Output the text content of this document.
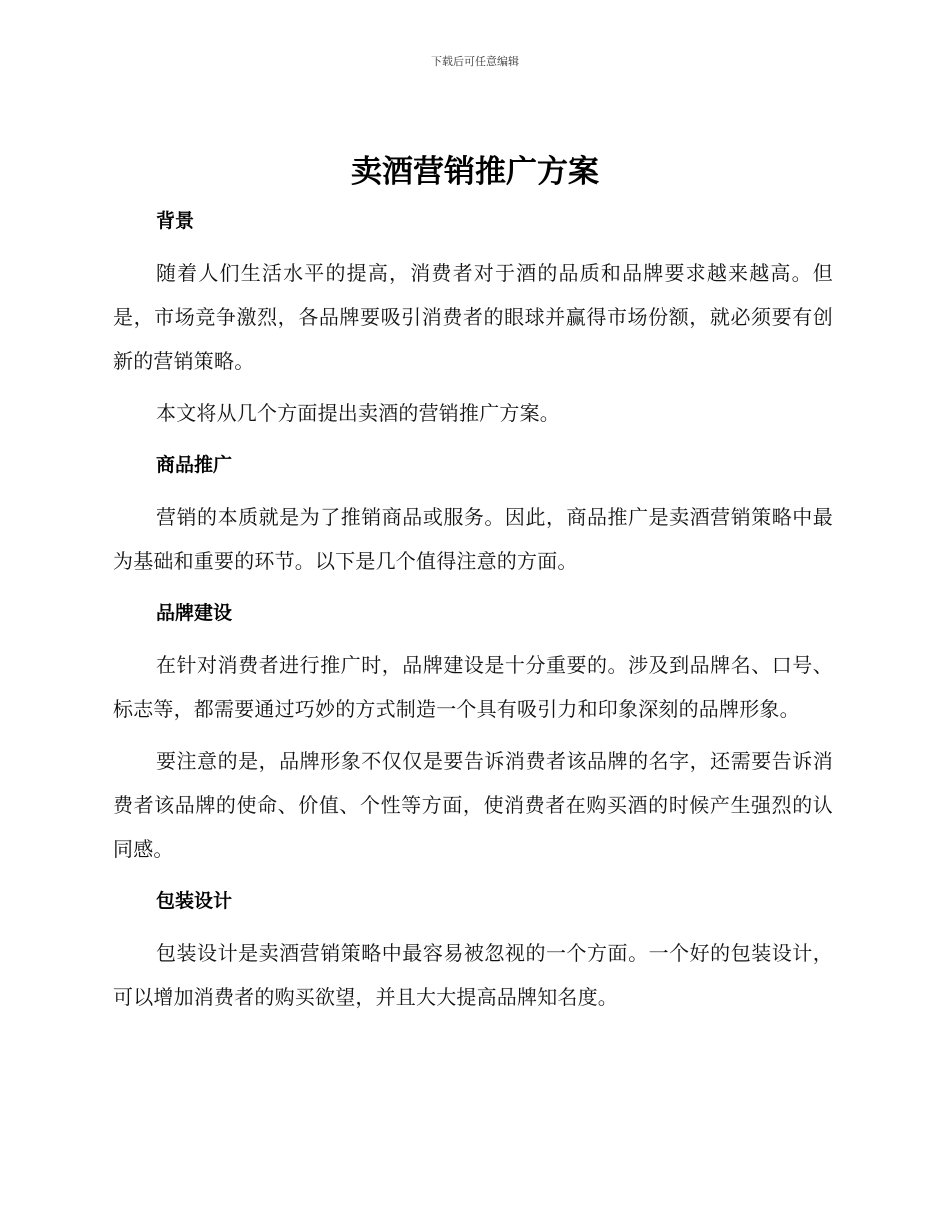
下载后可任意编辑
卖酒营销推广方案
背景

随着人们生活水平的提高，消费者对于酒的品质和品牌要求越来越高。但是，市场竞争激烈，各品牌要吸引消费者的眼球并赢得市场份额，就必须要有创新的营销策略。

本文将从几个方面提出卖酒的营销推广方案。

商品推广

营销的本质就是为了推销商品或服务。因此，商品推广是卖酒营销策略中最为基础和重要的环节。以下是几个值得注意的方面。

品牌建设

在针对消费者进行推广时，品牌建设是十分重要的。涉及到品牌名、口号、标志等，都需要通过巧妙的方式制造一个具有吸引力和印象深刻的品牌形象。

要注意的是，品牌形象不仅仅是要告诉消费者该品牌的名字，还需要告诉消费者该品牌的使命、价值、个性等方面，使消费者在购买酒的时候产生强烈的认同感。

包装设计

包装设计是卖酒营销策略中最容易被忽视的一个方面。一个好的包装设计，可以增加消费者的购买欲望，并且大大提高品牌知名度。
